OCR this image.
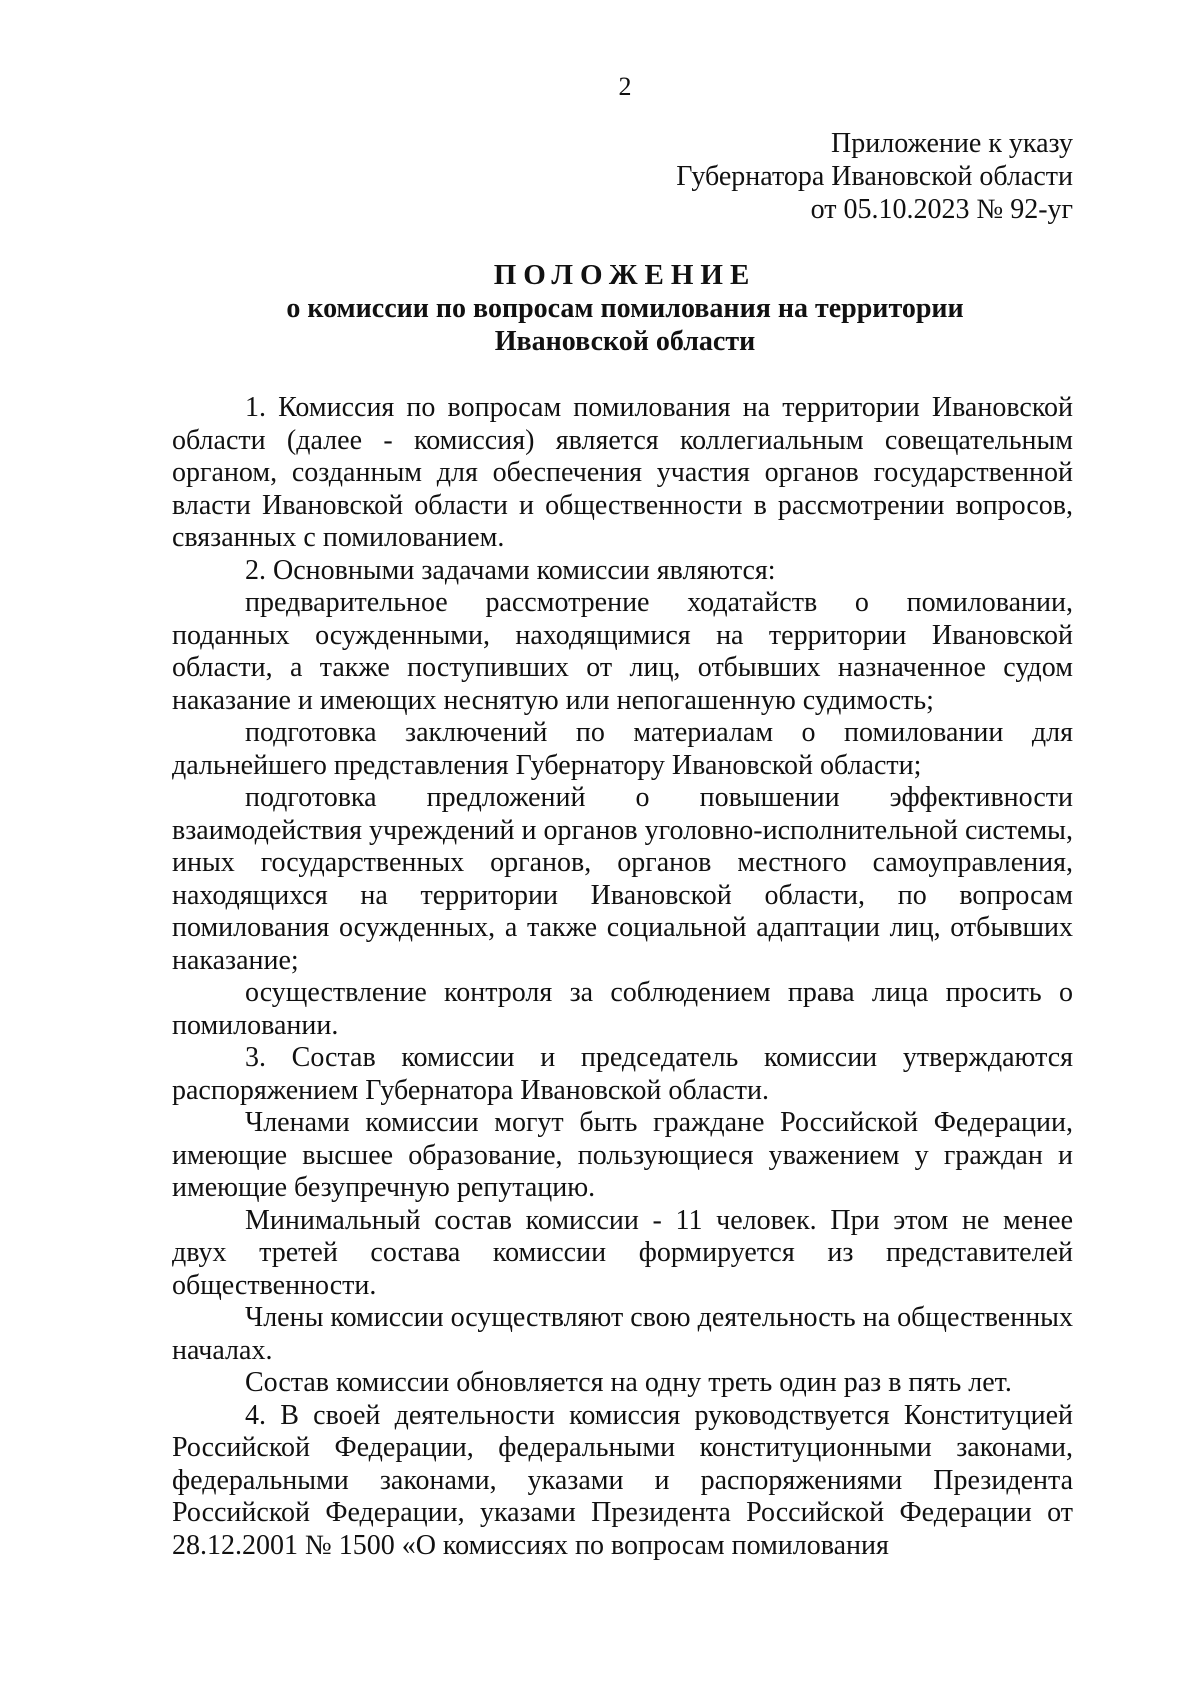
2
Приложение к указу
Губернатора Ивановской области
от 05.10.2023 № 92-уг
ПОЛОЖЕНИЕ
о комиссии по вопросам помилования на территории
Ивановской области

1. Комиссия по вопросам помилования на территории Ивановской области (далее - комиссия) является коллегиальным совещательным органом, созданным для обеспечения участия органов государственной власти Ивановской области и общественности в рассмотрении вопросов, связанных с помилованием.

2. Основными задачами комиссии являются:

предварительное рассмотрение ходатайств о помиловании, поданных осужденными, находящимися на территории Ивановской области, а также поступивших от лиц, отбывших назначенное судом наказание и имеющих неснятую или непогашенную судимость;

подготовка заключений по материалам о помиловании для дальнейшего представления Губернатору Ивановской области;

подготовка предложений о повышении эффективности взаимодействия учреждений и органов уголовно-исполнительной системы, иных государственных органов, органов местного самоуправления, находящихся на территории Ивановской области, по вопросам помилования осужденных, а также социальной адаптации лиц, отбывших наказание;

осуществление контроля за соблюдением права лица просить о помиловании.

3. Состав комиссии и председатель комиссии утверждаются распоряжением Губернатора Ивановской области.

Членами комиссии могут быть граждане Российской Федерации, имеющие высшее образование, пользующиеся уважением у граждан и имеющие безупречную репутацию.

Минимальный состав комиссии - 11 человек. При этом не менее двух третей состава комиссии формируется из представителей общественности.

Члены комиссии осуществляют свою деятельность на общественных началах.

Состав комиссии обновляется на одну треть один раз в пять лет.

4. В своей деятельности комиссия руководствуется Конституцией Российской Федерации, федеральными конституционными законами, федеральными законами, указами и распоряжениями Президента Российской Федерации, указами Президента Российской Федерации от 28.12.2001 № 1500 «О комиссиях по вопросам помилования
